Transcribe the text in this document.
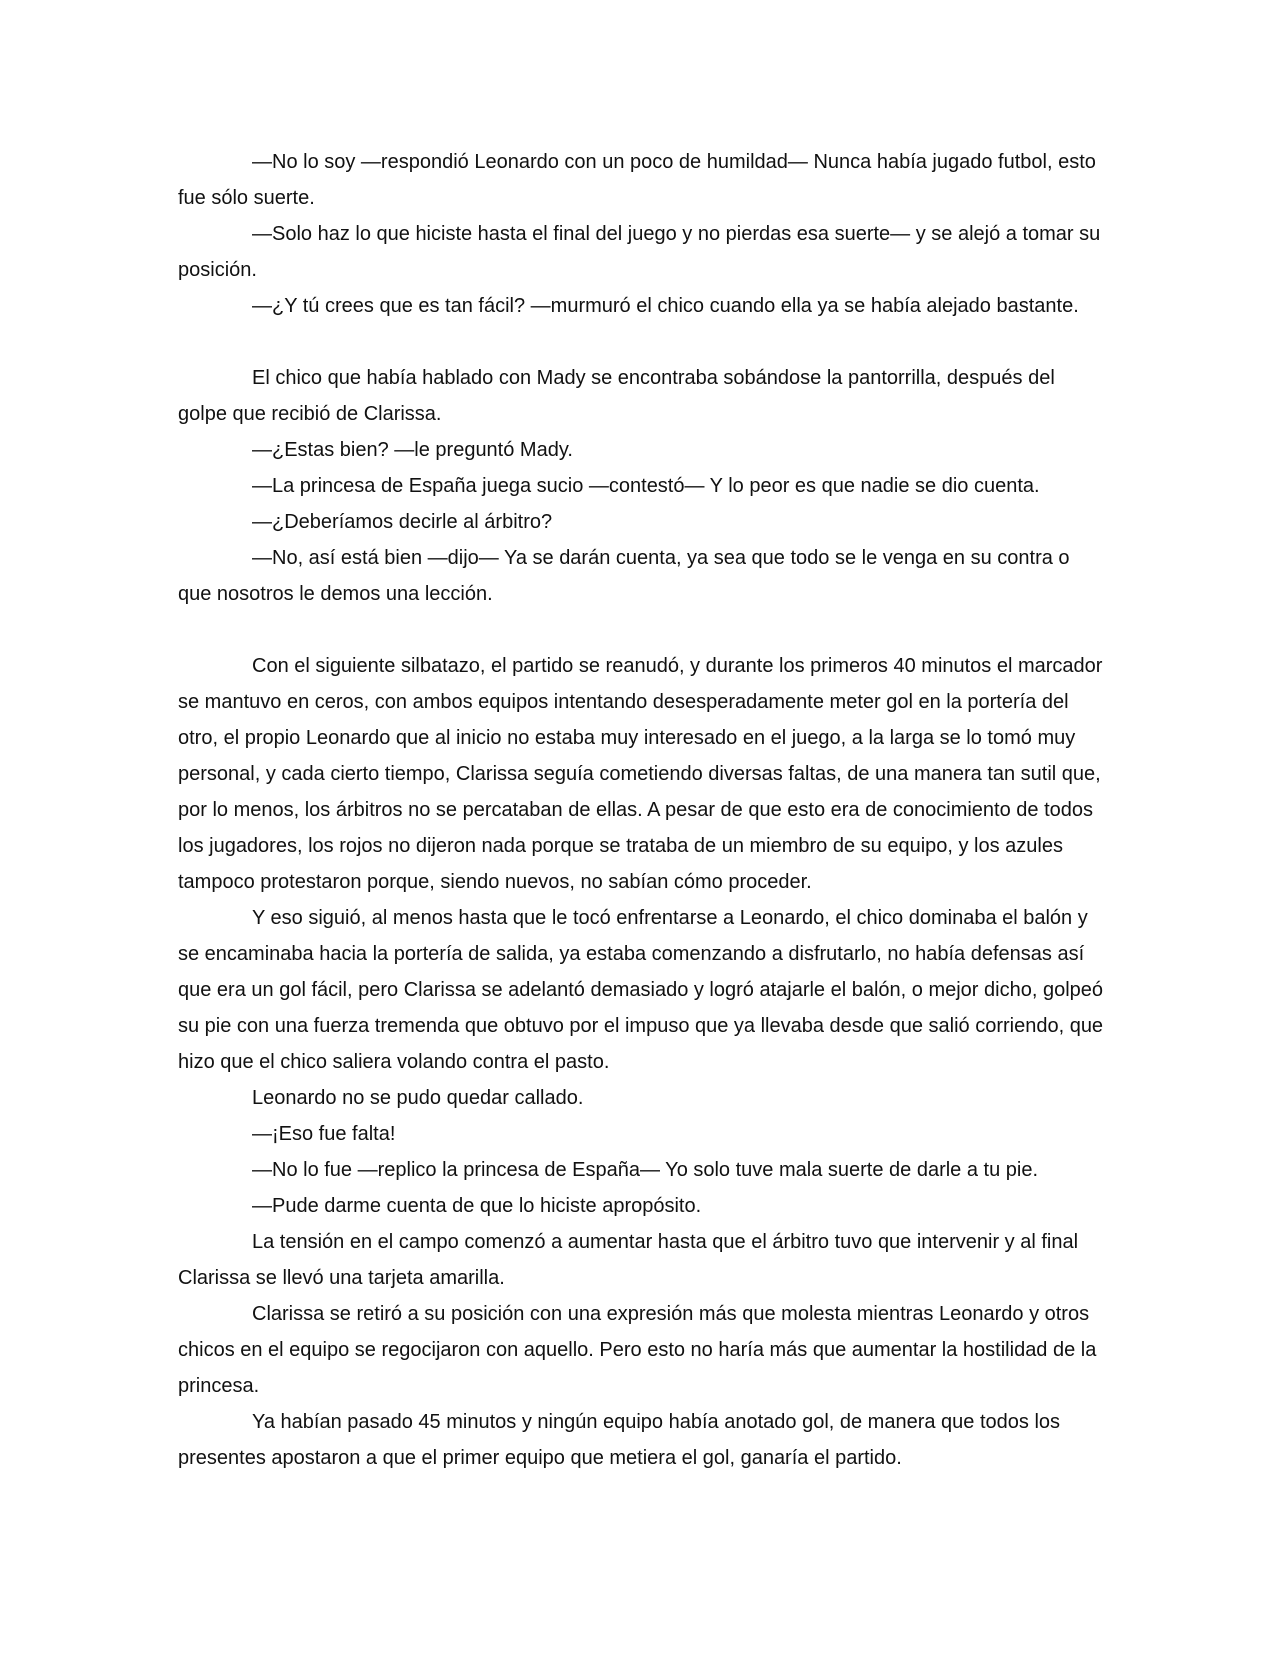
—No lo soy —respondió Leonardo con un poco de humildad— Nunca había jugado futbol, esto fue sólo suerte.

—Solo haz lo que hiciste hasta el final del juego y no pierdas esa suerte— y se alejó a tomar su posición.

—¿Y tú crees que es tan fácil? —murmuró el chico cuando ella ya se había alejado bastante.

El chico que había hablado con Mady se encontraba sobándose la pantorrilla, después del golpe que recibió de Clarissa.

—¿Estas bien? —le preguntó Mady.

—La princesa de España juega sucio —contestó— Y lo peor es que nadie se dio cuenta.

—¿Deberíamos decirle al árbitro?

—No, así está bien —dijo— Ya se darán cuenta, ya sea que todo se le venga en su contra o que nosotros le demos una lección.

Con el siguiente silbatazo, el partido se reanudó, y durante los primeros 40 minutos el marcador se mantuvo en ceros, con ambos equipos intentando desesperadamente meter gol en la portería del otro, el propio Leonardo que al inicio no estaba muy interesado en el juego, a la larga se lo tomó muy personal, y cada cierto tiempo, Clarissa seguía cometiendo diversas faltas, de una manera tan sutil que, por lo menos, los árbitros no se percataban de ellas. A pesar de que esto era de conocimiento de todos los jugadores, los rojos no dijeron nada porque se trataba de un miembro de su equipo, y los azules tampoco protestaron porque, siendo nuevos, no sabían cómo proceder.

Y eso siguió, al menos hasta que le tocó enfrentarse a Leonardo, el chico dominaba el balón y se encaminaba hacia la portería de salida, ya estaba comenzando a disfrutarlo, no había defensas así que era un gol fácil, pero Clarissa se adelantó demasiado y logró atajarle el balón, o mejor dicho, golpeó su pie con una fuerza tremenda que obtuvo por el impuso que ya llevaba desde que salió corriendo, que hizo que el chico saliera volando contra el pasto.

Leonardo no se pudo quedar callado.

—¡Eso fue falta!

—No lo fue —replico la princesa de España— Yo solo tuve mala suerte de darle a tu pie.

—Pude darme cuenta de que lo hiciste apropósito.

La tensión en el campo comenzó a aumentar hasta que el árbitro tuvo que intervenir y al final Clarissa se llevó una tarjeta amarilla.

Clarissa se retiró a su posición con una expresión más que molesta mientras Leonardo y otros chicos en el equipo se regocijaron con aquello. Pero esto no haría más que aumentar la hostilidad de la princesa.

Ya habían pasado 45 minutos y ningún equipo había anotado gol, de manera que todos los presentes apostaron a que el primer equipo que metiera el gol, ganaría el partido.
